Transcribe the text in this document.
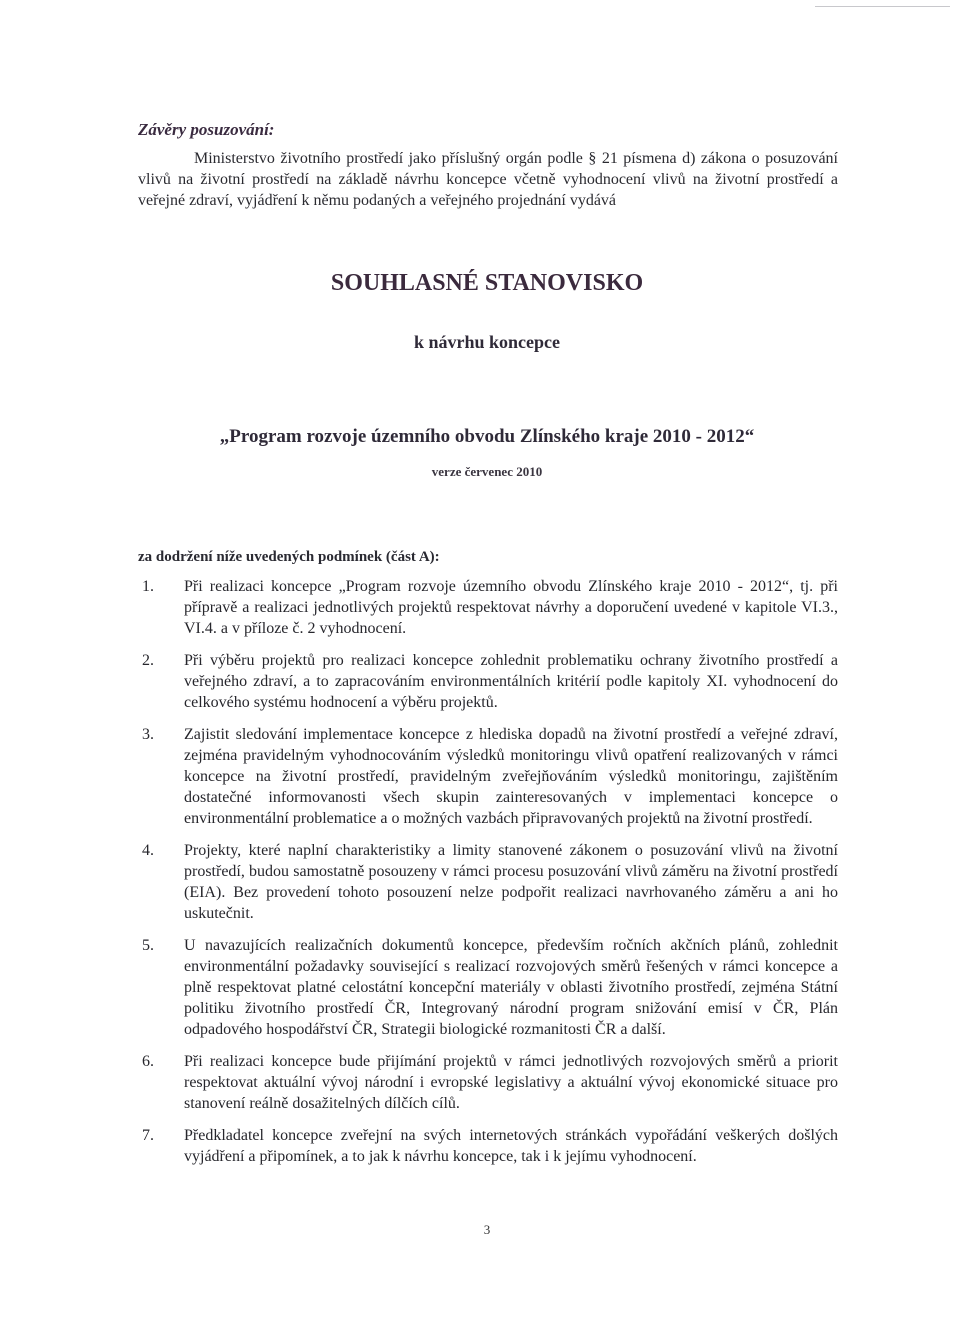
Závěry posuzování:

Ministerstvo životního prostředí jako příslušný orgán podle § 21 písmena d) zákona o posuzování vlivů na životní prostředí na základě návrhu koncepce včetně vyhodnocení vlivů na životní prostředí a veřejné zdraví, vyjádření k němu podaných a veřejného projednání vydává

SOUHLASNÉ STANOVISKO
k návrhu koncepce
„Program rozvoje územního obvodu Zlínského kraje 2010 - 2012“

verze červenec 2010

za dodržení níže uvedených podmínek (část A):

1. Při realizaci koncepce „Program rozvoje územního obvodu Zlínského kraje 2010 - 2012“, tj. při přípravě a realizaci jednotlivých projektů respektovat návrhy a doporučení uvedené v kapitole VI.3., VI.4. a v příloze č. 2 vyhodnocení.
2. Při výběru projektů pro realizaci koncepce zohlednit problematiku ochrany životního prostředí a veřejného zdraví, a to zapracováním environmentálních kritérií podle kapitoly XI. vyhodnocení do celkového systému hodnocení a výběru projektů.
3. Zajistit sledování implementace koncepce z hlediska dopadů na životní prostředí a veřejné zdraví, zejména pravidelným vyhodnocováním výsledků monitoringu vlivů opatření realizovaných v rámci koncepce na životní prostředí, pravidelným zveřejňováním výsledků monitoringu, zajištěním dostatečné informovanosti všech skupin zainteresovaných v implementaci koncepce o environmentální problematice a o možných vazbách připravovaných projektů na životní prostředí.
4. Projekty, které naplní charakteristiky a limity stanovené zákonem o posuzování vlivů na životní prostředí, budou samostatně posouzeny v rámci procesu posuzování vlivů záměru na životní prostředí (EIA). Bez provedení tohoto posouzení nelze podpořit realizaci navrhovaného záměru a ani ho uskutečnit.
5. U navazujících realizačních dokumentů koncepce, především ročních akčních plánů, zohlednit environmentální požadavky související s realizací rozvojových směrů řešených v rámci koncepce a plně respektovat platné celostátní koncepční materiály v oblasti životního prostředí, zejména Státní politiku životního prostředí ČR, Integrovaný národní program snižování emisí v ČR, Plán odpadového hospodářství ČR, Strategii biologické rozmanitosti ČR a další.
6. Při realizaci koncepce bude přijímání projektů v rámci jednotlivých rozvojových směrů a priorit respektovat aktuální vývoj národní i evropské legislativy a aktuální vývoj ekonomické situace pro stanovení reálně dosažitelných dílčích cílů.
7. Předkladatel koncepce zveřejní na svých internetových stránkách vypořádání veškerých došlých vyjádření a připomínek, a to jak k návrhu koncepce, tak i k jejímu vyhodnocení.

3
